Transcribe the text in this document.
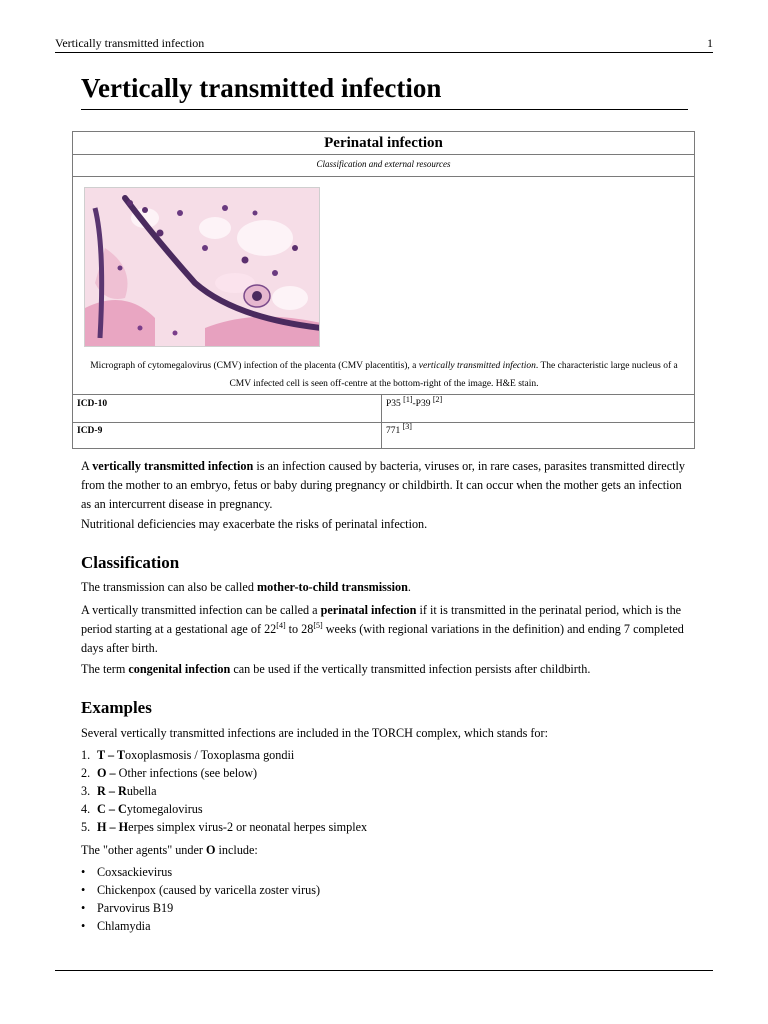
Vertically transmitted infection	1
Vertically transmitted infection
Perinatal infection
Classification and external resources
Micrograph of cytomegalovirus (CMV) infection of the placenta (CMV placentitis), a vertically transmitted infection. The characteristic large nucleus of a CMV infected cell is seen off-centre at the bottom-right of the image. H&E stain.
ICD-10	P35 [1]-P39 [2]
ICD-9	771 [3]
A vertically transmitted infection is an infection caused by bacteria, viruses or, in rare cases, parasites transmitted directly from the mother to an embryo, fetus or baby during pregnancy or childbirth. It can occur when the mother gets an infection as an intercurrent disease in pregnancy.
Nutritional deficiencies may exacerbate the risks of perinatal infection.
Classification
The transmission can also be called mother-to-child transmission.
A vertically transmitted infection can be called a perinatal infection if it is transmitted in the perinatal period, which is the period starting at a gestational age of 22[4] to 28[5] weeks (with regional variations in the definition) and ending 7 completed days after birth.
The term congenital infection can be used if the vertically transmitted infection persists after childbirth.
Examples
Several vertically transmitted infections are included in the TORCH complex, which stands for:
1. T – Toxoplasmosis / Toxoplasma gondii
2. O – Other infections (see below)
3. R – Rubella
4. C – Cytomegalovirus
5. H – Herpes simplex virus-2 or neonatal herpes simplex
The "other agents" under O include:
• Coxsackievirus
• Chickenpox (caused by varicella zoster virus)
• Parvovirus B19
• Chlamydia
